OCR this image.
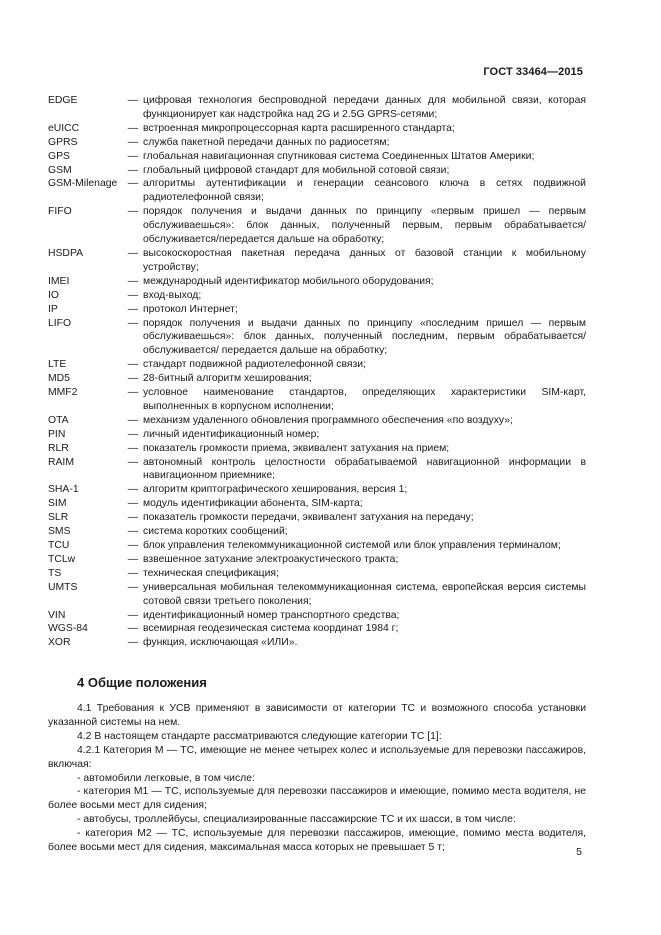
ГОСТ 33464—2015
EDGE	— цифровая технология беспроводной передачи данных для мобильной связи, которая функционирует как надстройка над 2G и 2.5G GPRS-сетями;
eUICC	— встроенная микропроцессорная карта расширенного стандарта;
GPRS	— служба пакетной передачи данных по радиосетям;
GPS	— глобальная навигационная спутниковая система Соединенных Штатов Америки;
GSM	— глобальный цифровой стандарт для мобильной сотовой связи;
GSM-Milenage	— алгоритмы аутентификации и генерации сеансового ключа в сетях подвижной радиотелефонной связи;
FIFO	— порядок получения и выдачи данных по принципу «первым пришел — первым обслуживаешься»: блок данных, полученный первым, первым обрабатывается/обслуживается/передается дальше на обработку;
HSDPA	— высокоскоростная пакетная передача данных от базовой станции к мобильному устройству;
IMEI	— международный идентификатор мобильного оборудования;
IO	— вход-выход;
IP	— протокол Интернет;
LIFO	— порядок получения и выдачи данных по принципу «последним пришел — первым обслуживаешься»: блок данных, полученный последним, первым обрабатывается/ обслуживается/ передается дальше на обработку;
LTE	— стандарт подвижной радиотелефонной связи;
MD5	— 28-битный алгоритм хеширования;
MMF2	— условное наименование стандартов, определяющих характеристики SIM-карт, выполненных в корпусном исполнении;
OTA	— механизм удаленного обновления программного обеспечения «по воздуху»;
PIN	— личный идентификационный номер;
RLR	— показатель громкости приема, эквивалент затухания на прием;
RAIM	— автономный контроль целостности обрабатываемой навигационной информации в навигационном приемнике;
SHA-1	— алгоритм криптографического хеширования, версия 1;
SIM	— модуль идентификации абонента, SIM-карта;
SLR	— показатель громкости передачи, эквивалент затухания на передачу;
SMS	— система коротких сообщений;
TCU	— блок управления телекоммуникационной системой или блок управления терминалом;
TCLw	— взвешенное затухание электроакустического тракта;
TS	— техническая спецификация;
UMTS	— универсальная мобильная телекоммуникационная система, европейская версия системы сотовой связи третьего поколения;
VIN	— идентификационный номер транспортного средства;
WGS-84	— всемирная геодезическая система координат 1984 г;
XOR	— функция, исключающая «ИЛИ».
4 Общие положения

4.1 Требования к УСВ применяют в зависимости от категории ТС и возможного способа установки указанной системы на нем.

4.2 В настоящем стандарте рассматриваются следующие категории ТС [1]:

4.2.1 Категория М — ТС, имеющие не менее четырех колес и используемые для перевозки пассажиров, включая:

- автомобили легковые, в том числе:

- категория М1 — ТС, используемые для перевозки пассажиров и имеющие, помимо места водителя, не более восьми мест для сидения;

- автобусы, троллейбусы, специализированные пассажирские ТС и их шасси, в том числе:

- категория М2 — ТС, используемые для перевозки пассажиров, имеющие, помимо места водителя, более восьми мест для сидения, максимальная масса которых не превышает 5 т;	5
